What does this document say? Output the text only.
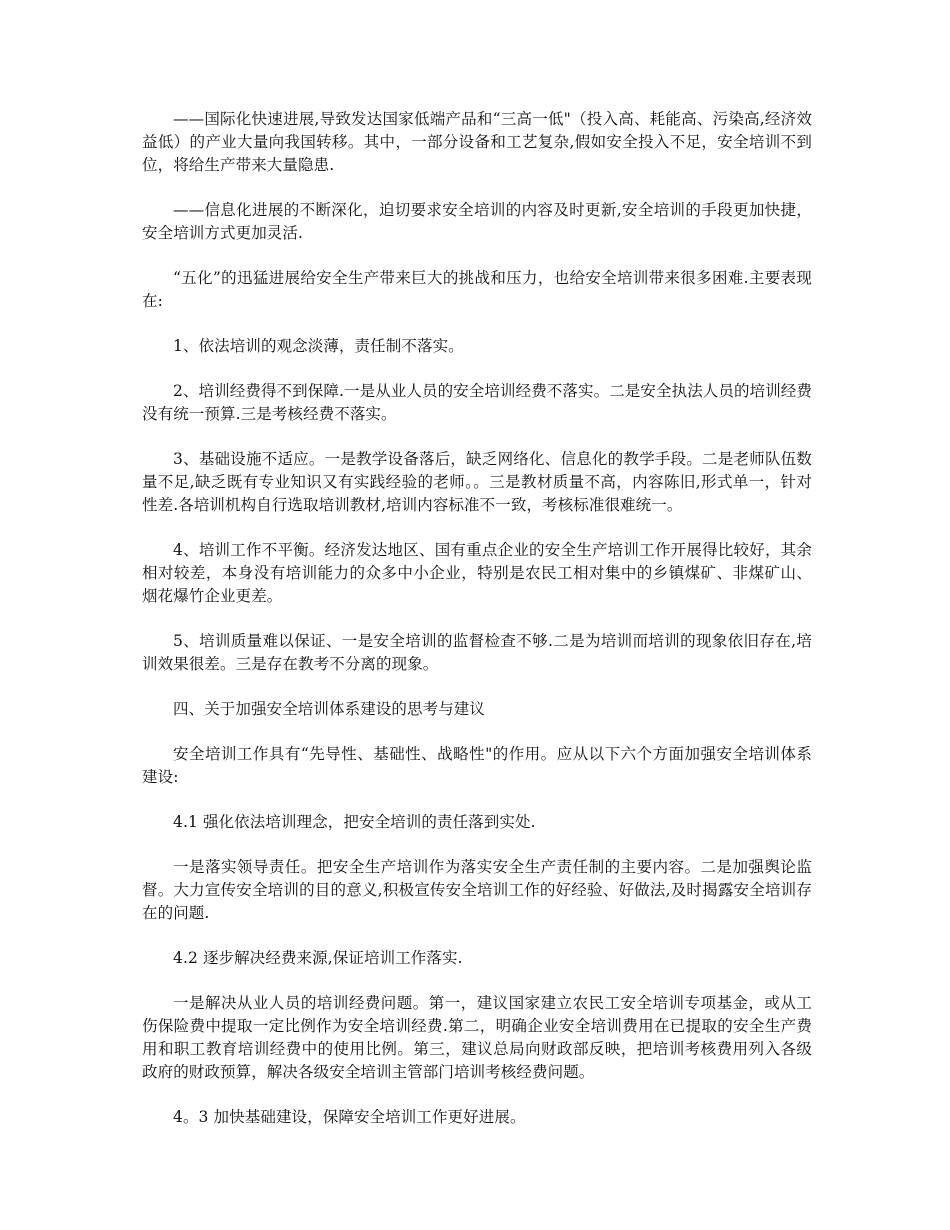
——国际化快速进展,导致发达国家低端产品和“三高一低"（投入高、耗能高、污染高,经济效益低）的产业大量向我国转移。其中，一部分设备和工艺复杂,假如安全投入不足，安全培训不到位，将给生产带来大量隐患.

——信息化进展的不断深化，迫切要求安全培训的内容及时更新,安全培训的手段更加快捷，安全培训方式更加灵活.

“五化”的迅猛进展给安全生产带来巨大的挑战和压力，也给安全培训带来很多困难.主要表现在:

1、依法培训的观念淡薄，责任制不落实。

2、培训经费得不到保障.一是从业人员的安全培训经费不落实。二是安全执法人员的培训经费没有统一预算.三是考核经费不落实。

3、基础设施不适应。一是教学设备落后，缺乏网络化、信息化的教学手段。二是老师队伍数量不足,缺乏既有专业知识又有实践经验的老师。。三是教材质量不高，内容陈旧,形式单一，针对性差.各培训机构自行选取培训教材,培训内容标准不一致，考核标准很难统一。

4、培训工作不平衡。经济发达地区、国有重点企业的安全生产培训工作开展得比较好，其余相对较差，本身没有培训能力的众多中小企业，特别是农民工相对集中的乡镇煤矿、非煤矿山、烟花爆竹企业更差。

5、培训质量难以保证、一是安全培训的监督检查不够.二是为培训而培训的现象依旧存在,培训效果很差。三是存在教考不分离的现象。

四、关于加强安全培训体系建设的思考与建议

安全培训工作具有“先导性、基础性、战略性"的作用。应从以下六个方面加强安全培训体系建设:

4.1 强化依法培训理念，把安全培训的责任落到实处.

一是落实领导责任。把安全生产培训作为落实安全生产责任制的主要内容。二是加强舆论监督。大力宣传安全培训的目的意义,积极宣传安全培训工作的好经验、好做法,及时揭露安全培训存在的问题.

4.2 逐步解决经费来源,保证培训工作落实.

一是解决从业人员的培训经费问题。第一，建议国家建立农民工安全培训专项基金，或从工伤保险费中提取一定比例作为安全培训经费.第二，明确企业安全培训费用在已提取的安全生产费用和职工教育培训经费中的使用比例。第三，建议总局向财政部反映，把培训考核费用列入各级政府的财政预算，解决各级安全培训主管部门培训考核经费问题。

4。3 加快基础建设，保障安全培训工作更好进展。
